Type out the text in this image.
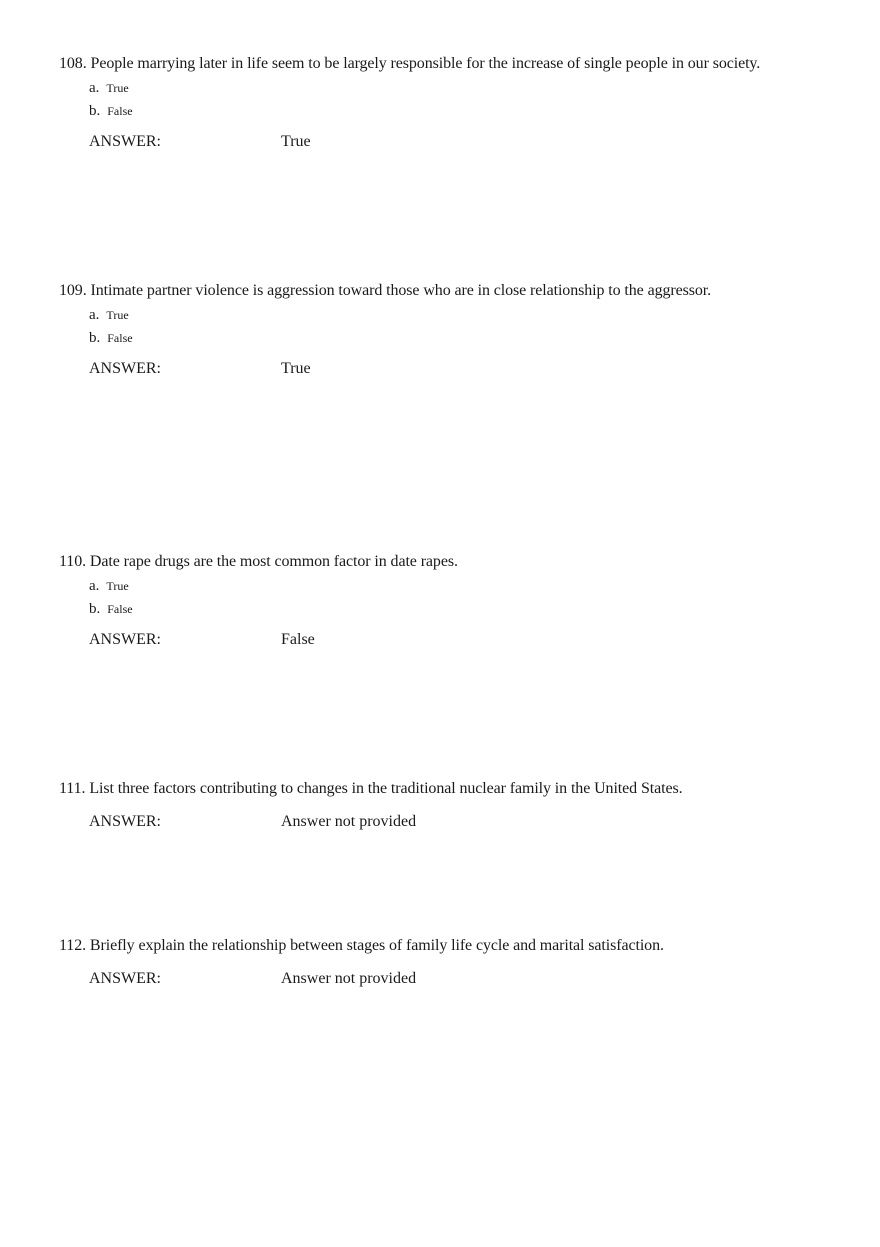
108. People marrying later in life seem to be largely responsible for the increase of single people in our society.
a. True
b. False
ANSWER:	True
109. Intimate partner violence is aggression toward those who are in close relationship to the aggressor.
a. True
b. False
ANSWER:	True
110. Date rape drugs are the most common factor in date rapes.
a. True
b. False
ANSWER:	False
111. List three factors contributing to changes in the traditional nuclear family in the United States.
ANSWER:	Answer not provided
112. Briefly explain the relationship between stages of family life cycle and marital satisfaction.
ANSWER:	Answer not provided
